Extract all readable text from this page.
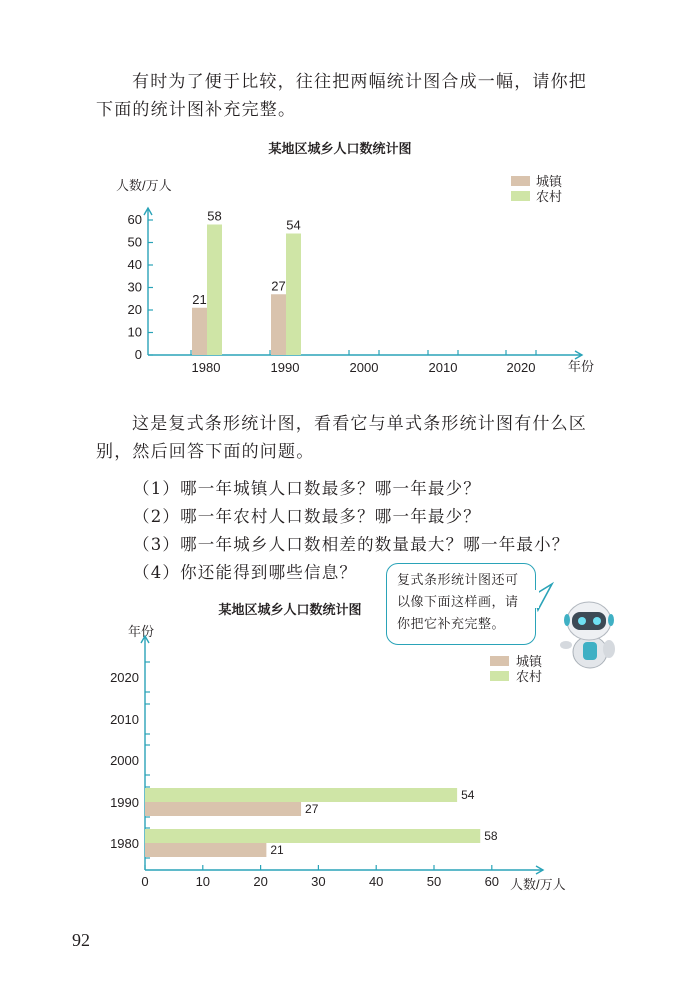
有时为了便于比较，往往把两幅统计图合成一幅，请你把
下面的统计图补充完整。

某地区城乡人口数统计图
人数/万人
年份
0
10
20
30
40
50
60
1980	1990	2000	2010	2020
21
27
58
54
城镇
农村
某地区城乡人口数统计图
年份
人数/万人
0	10	20	30	40	50	60
1980
1990
2000
2010
2020
21
27
58
54
城镇
农村

这是复式条形统计图，看看它与单式条形统计图有什么区
别，然后回答下面的问题。

（1）哪一年城镇人口数最多？哪一年最少？

（2）哪一年农村人口数最多？哪一年最少？

（3）哪一年城乡人口数相差的数量最大？哪一年最小？

（4）你还能得到哪些信息？	复式条形统计图还可
以像下面这样画，请
你把它补充完整。
92
